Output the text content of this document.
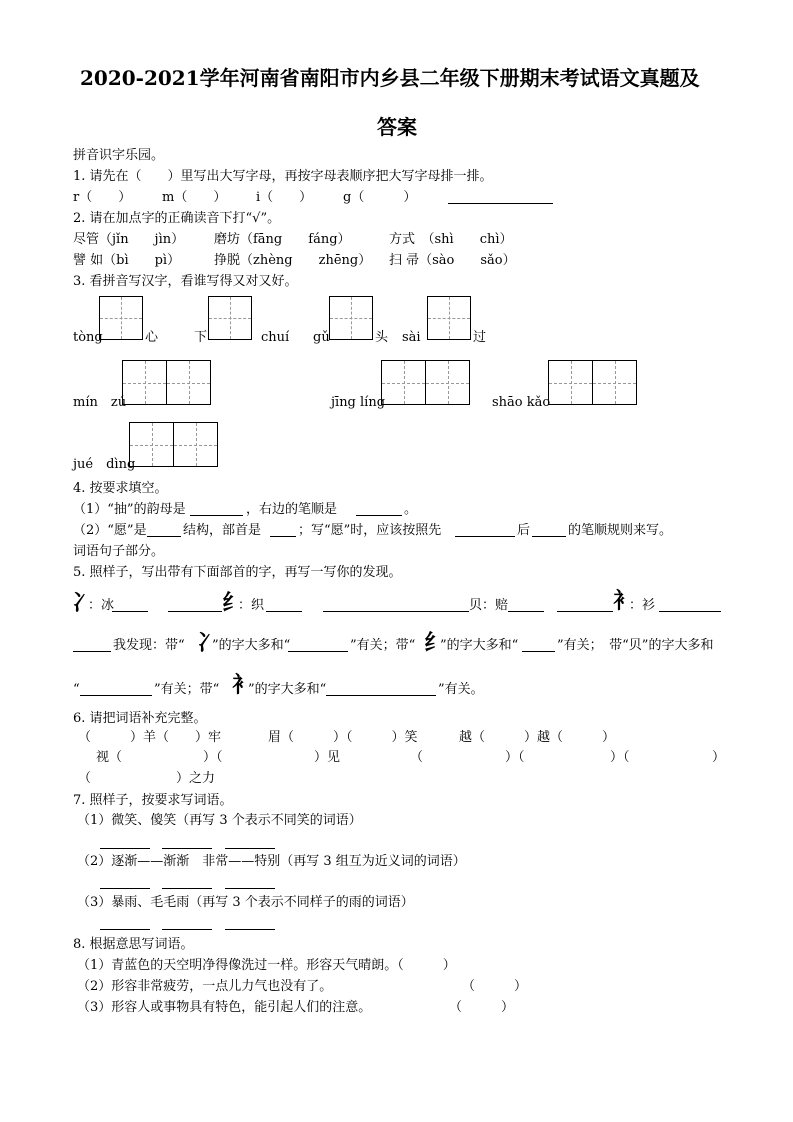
2020-2021学年河南省南阳市内乡县二年级下册期末考试语文真题及
答案
拼音识字乐园。
1. 请先在（　　）里写出大写字母，再按字母表顺序把大写字母排一排。
r（　　） m（　　） i（　　） g（　　　）
2. 请在加点字的正确读音下打“√”。
尽管（jǐn　　jìn） 磨坊（fāng　　fáng）	方式　（shì　　chì）
譬 如（bì　　pì）	挣脱（zhèng　　zhēng） 扫 帚（sào　　sǎo）
3. 看拼音写汉字，看谁写得又对又好。
tòng	心	下	chuí gǔ	头 sài	过
mín　zú	jīng líng	shāo kǎo
jué　dìng
4. 按要求填空。
（1）“抽”的韵母是	，右边的笔顺是	。
（2）“愿”是	结构，部首是	；写“愿”时，应该按照先	后	的笔顺规则来写。
词语句子部分。
5. 照样子，写出带有下面部首的字，再写一写你的发现。
冫
：冰	纟
：织	贝：赔	衤
：衫
我发现：带“ 冫
”的字大多和“	”有关；带“ 纟
”的字大多和“	”有关；　带“贝”的字大多和
“	”有关；带“ 衤
”的字大多和“	”有关。
6. 请把词语补充完整。
（　　　）羊（　　）牢	眉（　　　）（　　　）笑	越（　　　）越（　　　）
视（	）（	）见	（	）（	）（	）
（	）之力
7. 照样子，按要求写词语。
（1）微笑、傻笑（再写 3 个表示不同笑的词语）
（2）逐渐——渐渐　非常——特别（再写 3 组互为近义词的词语）
（3）暴雨、毛毛雨（再写 3 个表示不同样子的雨的词语）
8. 根据意思写词语。
（1）青蓝色的天空明净得像洗过一样。形容天气晴朗。（　　　）
（2）形容非常疲劳，一点儿力气也没有了。	（　　　）
（3）形容人或事物具有特色，能引起人们的注意。	（　　　）
